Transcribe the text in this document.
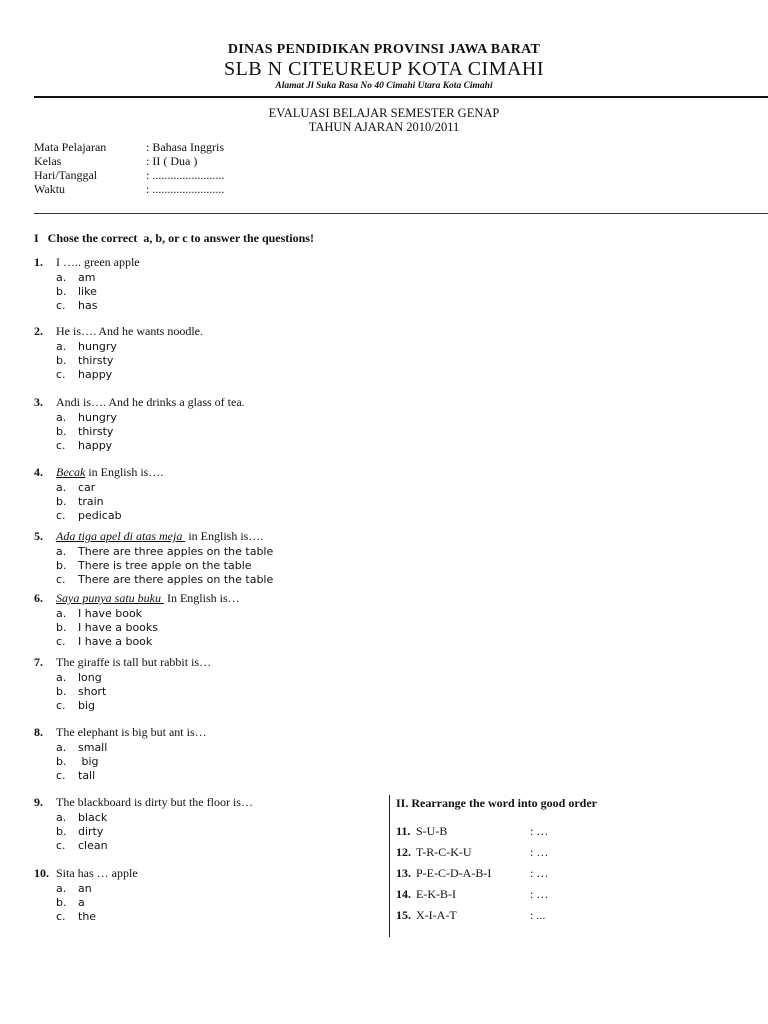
DINAS PENDIDIKAN PROVINSI JAWA BARAT
SLB N CITEUREUP KOTA CIMAHI
Alamat Jl Suka Rasa No 40 Cimahi Utara Kota Cimahi
EVALUASI BELAJAR SEMESTER GENAP
TAHUN AJARAN 2010/2011
Mata Pelajaran	: Bahasa Inggris
Kelas	: II ( Dua )
Hari/Tanggal	: ........................
Waktu	: ........................
I   Chose the correct  a, b, or c to answer the questions!
1. I ….. green apple
a. am
b. like
c. has
2. He is…. And he wants noodle.
a. hungry
b. thirsty
c. happy
3. Andi is…. And he drinks a glass of tea.
a. hungry
b. thirsty
c. happy
4. Becak in English is….
a. car
b. train
c. pedicab
5. Ada tiga apel di atas meja  in English is….
a. There are three apples on the table
b. There is tree apple on the table
c. There are there apples on the table
6. Saya punya satu buku  In English is…
a. I have book
b. I have a books
c. I have a book
7. The giraffe is tall but rabbit is…
a. long
b. short
c. big
8. The elephant is big but ant is…
a. small
b. big
c. tall
9. The blackboard is dirty but the floor is…
a. black
b. dirty
c. clean
10. Sita has … apple
a. an
b. a
c. the
II. Rearrange the word into good order
11. S-U-B	: …
12. T-R-C-K-U	: …
13. P-E-C-D-A-B-I	: …
14. E-K-B-I	: …
15. X-I-A-T	: ...
